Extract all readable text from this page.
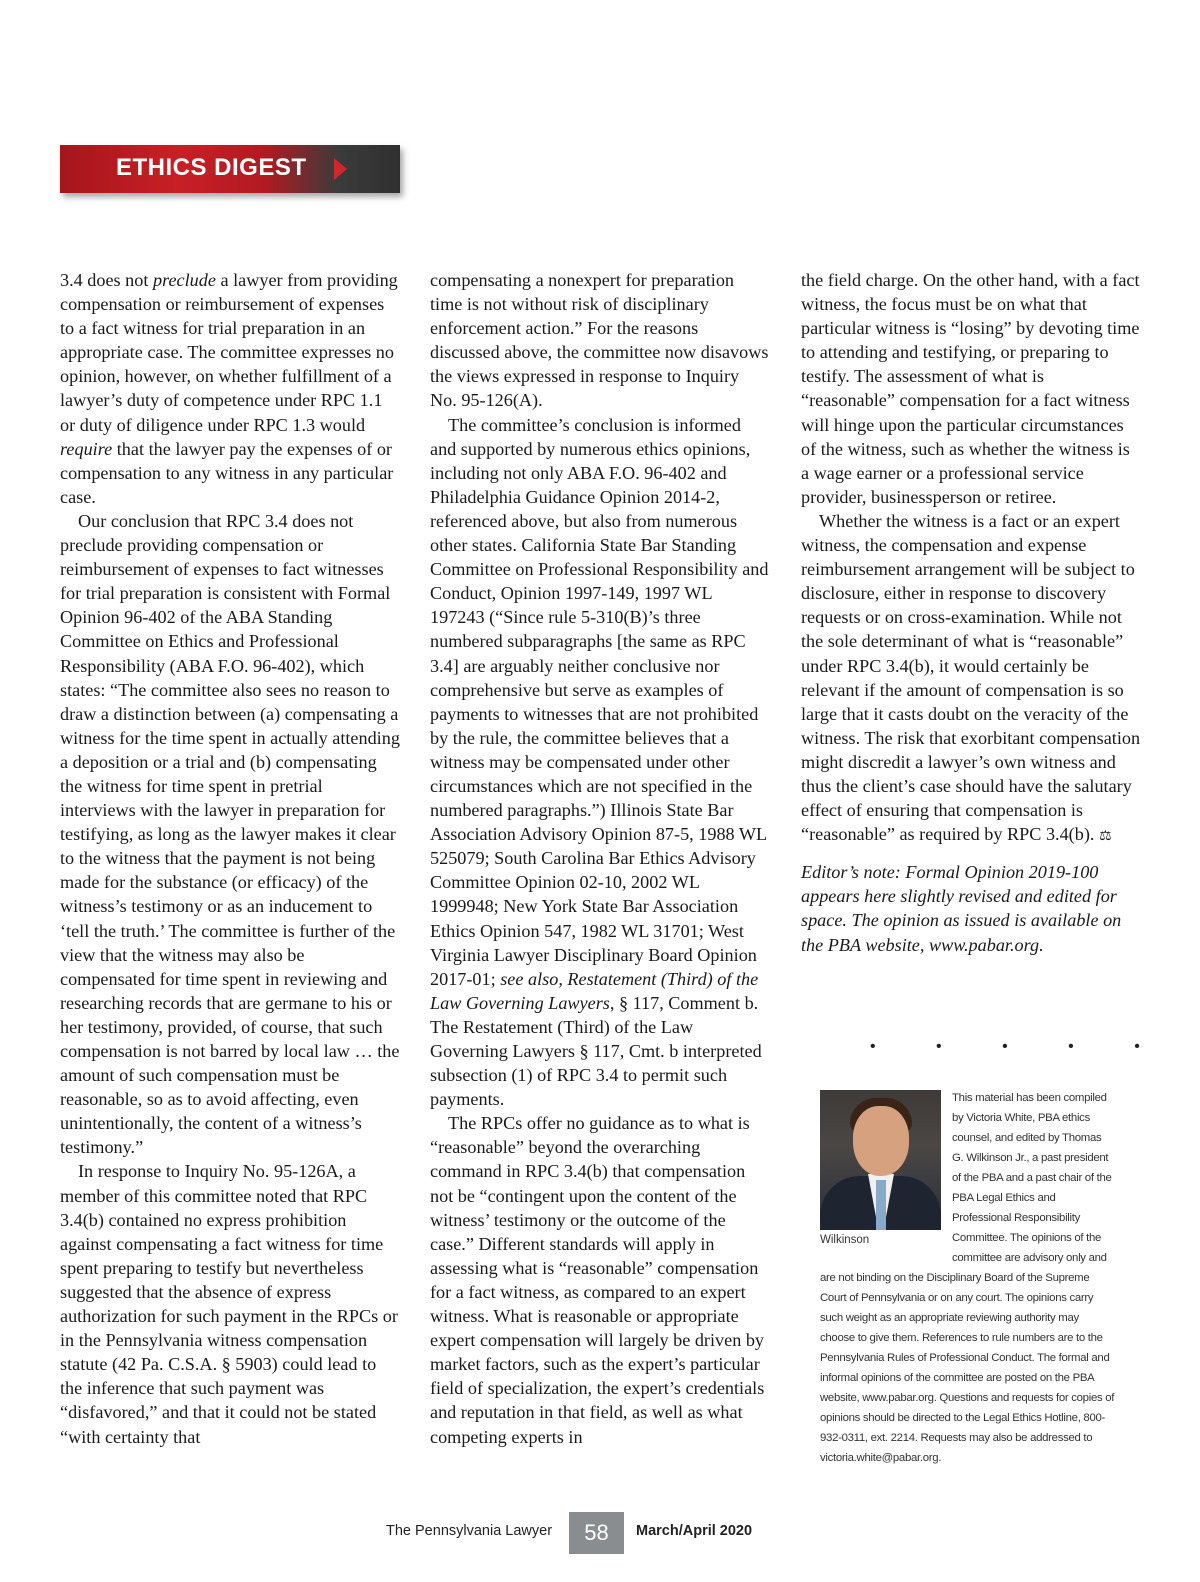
ETHICS DIGEST

3.4 does not preclude a lawyer from providing compensation or reimbursement of expenses to a fact witness for trial preparation in an appropriate case. The committee expresses no opinion, however, on whether fulfillment of a lawyer’s duty of competence under RPC 1.1 or duty of diligence under RPC 1.3 would require that the lawyer pay the expenses of or compensation to any witness in any particular case.

Our conclusion that RPC 3.4 does not preclude providing compensation or reimbursement of expenses to fact witnesses for trial preparation is consistent with Formal Opinion 96-402 of the ABA Standing Committee on Ethics and Professional Responsibility (ABA F.O. 96-402), which states: “The committee also sees no reason to draw a distinction between (a) compensating a witness for the time spent in actually attending a deposition or a trial and (b) compensating the witness for time spent in pretrial interviews with the lawyer in preparation for testifying, as long as the lawyer makes it clear to the witness that the payment is not being made for the substance (or efficacy) of the witness’s testimony or as an inducement to ‘tell the truth.’ The committee is further of the view that the witness may also be compensated for time spent in reviewing and researching records that are germane to his or her testimony, provided, of course, that such compensation is not barred by local law … the amount of such compensation must be reasonable, so as to avoid affecting, even unintentionally, the content of a witness’s testimony.”

In response to Inquiry No. 95-126A, a member of this committee noted that RPC 3.4(b) contained no express prohibition against compensating a fact witness for time spent preparing to testify but nevertheless suggested that the absence of express authorization for such payment in the RPCs or in the Pennsylvania witness compensation statute (42 Pa. C.S.A. § 5903) could lead to the inference that such payment was “disfavored,” and that it could not be stated “with certainty that

compensating a nonexpert for preparation time is not without risk of disciplinary enforcement action.” For the reasons discussed above, the committee now disavows the views expressed in response to Inquiry No. 95-126(A).

The committee’s conclusion is informed and supported by numerous ethics opinions, including not only ABA F.O. 96-402 and Philadelphia Guidance Opinion 2014-2, referenced above, but also from numerous other states. California State Bar Standing Committee on Professional Responsibility and Conduct, Opinion 1997-149, 1997 WL 197243 (“Since rule 5-310(B)’s three numbered subparagraphs [the same as RPC 3.4] are arguably neither conclusive nor comprehensive but serve as examples of payments to witnesses that are not prohibited by the rule, the committee believes that a witness may be compensated under other circumstances which are not specified in the numbered paragraphs.”) Illinois State Bar Association Advisory Opinion 87-5, 1988 WL 525079; South Carolina Bar Ethics Advisory Committee Opinion 02-10, 2002 WL 1999948; New York State Bar Association Ethics Opinion 547, 1982 WL 31701; West Virginia Lawyer Disciplinary Board Opinion 2017-01; see also, Restatement (Third) of the Law Governing Lawyers, § 117, Comment b. The Restatement (Third) of the Law Governing Lawyers § 117, Cmt. b interpreted subsection (1) of RPC 3.4 to permit such payments.

The RPCs offer no guidance as to what is “reasonable” beyond the overarching command in RPC 3.4(b) that compensation not be “contingent upon the content of the witness’ testimony or the outcome of the case.” Different standards will apply in assessing what is “reasonable” compensation for a fact witness, as compared to an expert witness. What is reasonable or appropriate expert compensation will largely be driven by market factors, such as the expert’s particular field of specialization, the expert’s credentials and reputation in that field, as well as what competing experts in

the field charge. On the other hand, with a fact witness, the focus must be on what that particular witness is “losing” by devoting time to attending and testifying, or preparing to testify. The assessment of what is “reasonable” compensation for a fact witness will hinge upon the particular circumstances of the witness, such as whether the witness is a wage earner or a professional service provider, businessperson or retiree.

Whether the witness is a fact or an expert witness, the compensation and expense reimbursement arrangement will be subject to disclosure, either in response to discovery requests or on cross-examination. While not the sole determinant of what is “reasonable” under RPC 3.4(b), it would certainly be relevant if the amount of compensation is so large that it casts doubt on the veracity of the witness. The risk that exorbitant compensation might discredit a lawyer’s own witness and thus the client’s case should have the salutary effect of ensuring that compensation is “reasonable” as required by RPC 3.4(b). ⚖

Editor’s note: Formal Opinion 2019-100 appears here slightly revised and edited for space. The opinion as issued is available on the PBA website, www.pabar.org.

• • • • •
Wilkinson
This material has been compiled by Victoria White, PBA ethics counsel, and edited by Thomas G. Wilkinson Jr., a past president of the PBA and a past chair of the PBA Legal Ethics and Professional Responsibility Committee. The opinions of the committee are advisory only and are not binding on the Disciplinary Board of the Supreme Court of Pennsylvania or on any court. The opinions carry such weight as an appropriate reviewing authority may choose to give them. References to rule numbers are to the Pennsylvania Rules of Professional Conduct. The formal and informal opinions of the committee are posted on the PBA website, www.pabar.org. Questions and requests for copies of opinions should be directed to the Legal Ethics Hotline, 800-932-0311, ext. 2214. Requests may also be addressed to victoria.white@pabar.org.
The Pennsylvania Lawyer	58	March/April 2020
